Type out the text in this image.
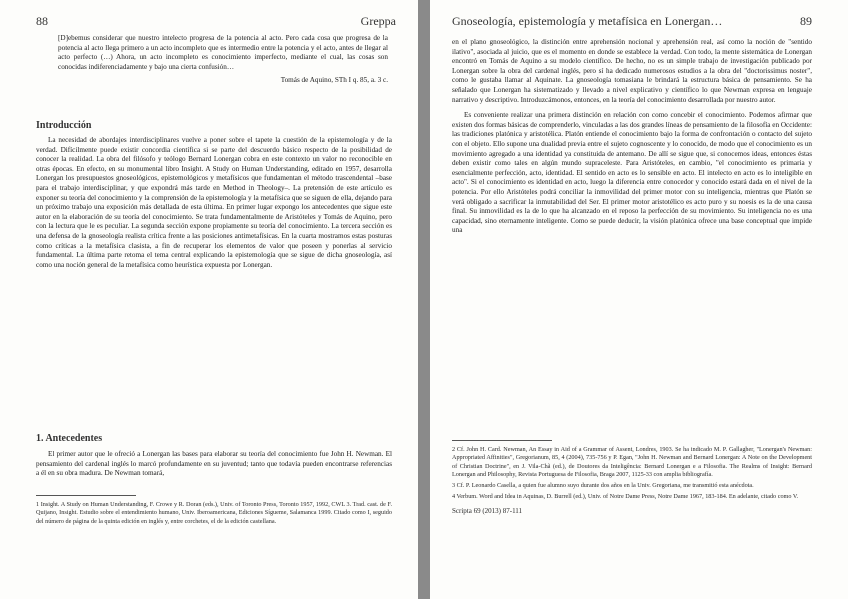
88	Greppa

[D]ebemus considerar que nuestro intelecto progresa de la potencia al acto. Pero cada cosa que progresa de la potencia al acto llega primero a un acto incompleto que es intermedio entre la potencia y el acto, antes de llegar al acto perfecto (…) Ahora, un acto incompleto es conocimiento imperfecto, mediante el cual, las cosas son conocidas indiferenciadamente y bajo una cierta confusión…

Tomás de Aquino, STh I q. 85, a. 3 c.
Introducción

La necesidad de abordajes interdisciplinares vuelve a poner sobre el tapete la cuestión de la epistemología y de la verdad. Difícilmente puede existir concordia científica si se parte del descuerdo básico respecto de la posibilidad de conocer la realidad. La obra del filósofo y teólogo Bernard Lonergan cobra en este contexto un valor no reconocible en otras épocas. En efecto, en su monumental libro Insight. A Study on Human Understanding, editado en 1957, desarrolla Lonergan los presupuestos gnoseológicos, epistemológicos y metafísicos que fundamentan el método trascendental –base para el trabajo interdisciplinar, y que expondrá más tarde en Method in Theology–. La pretensión de este artículo es exponer su teoría del conocimiento y la comprensión de la epistemología y la metafísica que se siguen de ella, dejando para un próximo trabajo una exposición más detallada de esta última. En primer lugar expongo los antecedentes que sigue este autor en la elaboración de su teoría del conocimiento. Se trata fundamentalmente de Aristóteles y Tomás de Aquino, pero con la lectura que le es peculiar. La segunda sección expone propiamente su teoría del conocimiento. La tercera sección es una defensa de la gnoseología realista crítica frente a las posiciones antimetafísicas. En la cuarta mostramos estas posturas como críticas a la metafísica clasista, a fin de recuperar los elementos de valor que poseen y ponerlas al servicio fundamental. La última parte retoma el tema central explicando la epistemología que se sigue de dicha gnoseología, así como una noción general de la metafísica como heurística expuesta por Lonergan.

1. Antecedentes

El primer autor que le ofreció a Lonergan las bases para elaborar su teoría del conocimiento fue John H. Newman. El pensamiento del cardenal inglés lo marcó profundamente en su juventud; tanto que todavía pueden encontrarse referencias a él en su obra madura. De Newman tomará,

1 Insight. A Study on Human Understanding, F. Crowe y R. Doran (eds.), Univ. of Toronto Press, Toronto 1957, 1992, CWL 3. Trad. cast. de F. Quijano, Insight. Estudio sobre el entendimiento humano, Univ. Iberoamericana, Ediciones Sígueme, Salamanca 1999. Citado como I, seguido del número de página de la quinta edición en inglés y, entre corchetes, el de la edición castellana.
Gnoseología, epistemología y metafísica en Lonergan…	89

en el plano gnoseológico, la distinción entre aprehensión nocional y aprehensión real, así como la noción de "sentido ilativo", asociada al juicio, que es el momento en donde se establece la verdad. Con todo, la mente sistemática de Lonergan encontró en Tomás de Aquino a su modelo científico. De hecho, no es un simple trabajo de investigación publicado por Lonergan sobre la obra del cardenal inglés, pero sí ha dedicado numerosos estudios a la obra del "doctorissimus noster", como le gustaba llamar al Aquinate. La gnoseología tomasiana le brindará la estructura básica de pensamiento. Se ha señalado que Lonergan ha sistematizado y llevado a nivel explicativo y científico lo que Newman expresa en lenguaje narrativo y descriptivo. Introduzcámonos, entonces, en la teoría del conocimiento desarrollada por nuestro autor.

Es conveniente realizar una primera distinción en relación con como concebir el conocimiento. Podemos afirmar que existen dos formas básicas de comprenderlo, vinculadas a las dos grandes líneas de pensamiento de la filosofía en Occidente: las tradiciones platónica y aristotélica. Platón entiende el conocimiento bajo la forma de confrontación o contacto del sujeto con el objeto. Ello supone una dualidad previa entre el sujeto cognoscente y lo conocido, de modo que el conocimiento es un movimiento agregado a una identidad ya constituida de antemano. De allí se sigue que, si conocemos ideas, entonces éstas deben existir como tales en algún mundo supraceleste. Para Aristóteles, en cambio, "el conocimiento es primaria y esencialmente perfección, acto, identidad. El sentido en acto es lo sensible en acto. El intelecto en acto es lo inteligible en acto". Si el conocimiento es identidad en acto, luego la diferencia entre conocedor y conocido estará dada en el nivel de la potencia. Por ello Aristóteles podrá conciliar la inmovilidad del primer motor con su inteligencia, mientras que Platón se verá obligado a sacrificar la inmutabilidad del Ser. El primer motor aristotélico es acto puro y su noesis es la de una causa final. Su inmovilidad es la de lo que ha alcanzado en el reposo la perfección de su movimiento. Su inteligencia no es una capacidad, sino eternamente inteligente. Como se puede deducir, la visión platónica ofrece una base conceptual que impide una

2 Cf. John H. Card. Newman, An Essay in Aid of a Grammar of Assent, Londres, 1903. Se ha indicado M. P. Gallagher, "Lonergan's Newman: Appropriated Affinities", Gregorianum, 85, 4 (2004), 735-756 y P. Egan, "John H. Newman and Bernard Lonergan: A Note on the Development of Christian Doctrine", en J. Vila-Chã (ed.), de Doutores da Inteligência: Bernard Lonergan e a Filosofia. The Realms of Insight: Bernard Lonergan and Philosophy, Revista Portuguesa de Filosofia, Braga 2007, 1125-33 con amplia bibliografía.
3 Cf. P. Leonardo Casella, a quien fue alumno suyo durante dos años en la Univ. Gregoriana, me transmitió esta anécdota.
4 Verbum. Word and Idea in Aquinas, D. Burrell (ed.), Univ. of Notre Dame Press, Notre Dame 1967, 183-184. En adelante, citado como V.
Scripta 69 (2013) 87-111
